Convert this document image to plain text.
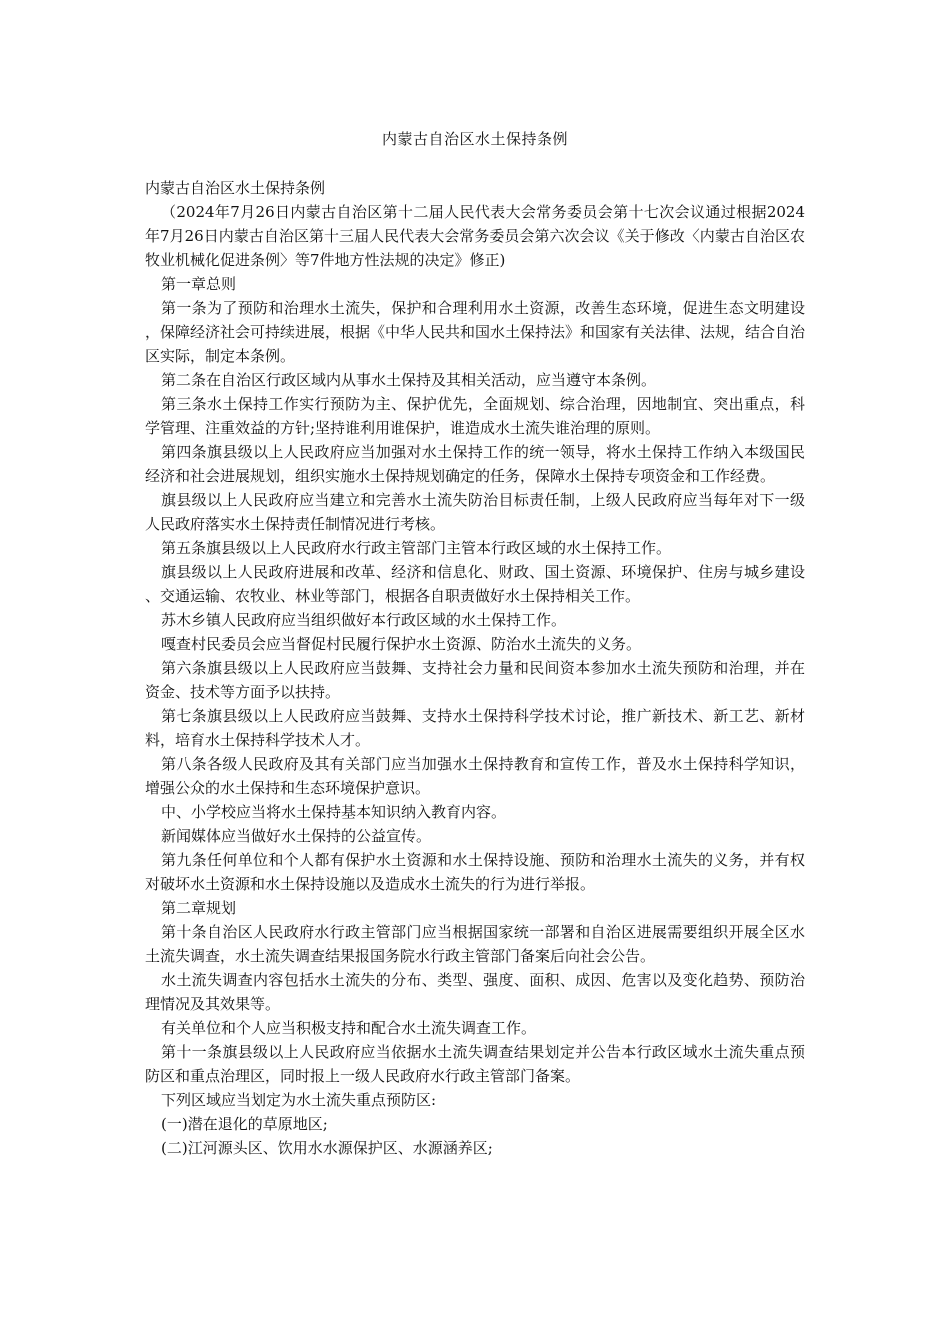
内蒙古自治区水土保持条例

内蒙古自治区水土保持条例

（2024年7月26日内蒙古自治区第十二届人民代表大会常务委员会第十七次会议通过根据2024年7月26日内蒙古自治区第十三届人民代表大会常务委员会第六次会议《关于修改〈内蒙古自治区农牧业机械化促进条例〉等7件地方性法规的决定》修正)

第一章总则

第一条为了预防和治理水土流失，保护和合理利用水土资源，改善生态环境，促进生态文明建设，保障经济社会可持续进展，根据《中华人民共和国水土保持法》和国家有关法律、法规，结合自治区实际，制定本条例。

第二条在自治区行政区域内从事水土保持及其相关活动，应当遵守本条例。

第三条水土保持工作实行预防为主、保护优先，全面规划、综合治理，因地制宜、突出重点，科学管理、注重效益的方针;坚持谁利用谁保护，谁造成水土流失谁治理的原则。

第四条旗县级以上人民政府应当加强对水土保持工作的统一领导，将水土保持工作纳入本级国民经济和社会进展规划，组织实施水土保持规划确定的任务，保障水土保持专项资金和工作经费。

旗县级以上人民政府应当建立和完善水土流失防治目标责任制，上级人民政府应当每年对下一级人民政府落实水土保持责任制情况进行考核。

第五条旗县级以上人民政府水行政主管部门主管本行政区域的水土保持工作。

旗县级以上人民政府进展和改革、经济和信息化、财政、国土资源、环境保护、住房与城乡建设、交通运输、农牧业、林业等部门，根据各自职责做好水土保持相关工作。

苏木乡镇人民政府应当组织做好本行政区域的水土保持工作。

嘎查村民委员会应当督促村民履行保护水土资源、防治水土流失的义务。

第六条旗县级以上人民政府应当鼓舞、支持社会力量和民间资本参加水土流失预防和治理，并在资金、技术等方面予以扶持。

第七条旗县级以上人民政府应当鼓舞、支持水土保持科学技术讨论，推广新技术、新工艺、新材料，培育水土保持科学技术人才。

第八条各级人民政府及其有关部门应当加强水土保持教育和宣传工作，普及水土保持科学知识，增强公众的水土保持和生态环境保护意识。

中、小学校应当将水土保持基本知识纳入教育内容。

新闻媒体应当做好水土保持的公益宣传。

第九条任何单位和个人都有保护水土资源和水土保持设施、预防和治理水土流失的义务，并有权对破坏水土资源和水土保持设施以及造成水土流失的行为进行举报。

第二章规划

第十条自治区人民政府水行政主管部门应当根据国家统一部署和自治区进展需要组织开展全区水土流失调查，水土流失调查结果报国务院水行政主管部门备案后向社会公告。

水土流失调查内容包括水土流失的分布、类型、强度、面积、成因、危害以及变化趋势、预防治理情况及其效果等。

有关单位和个人应当积极支持和配合水土流失调查工作。

第十一条旗县级以上人民政府应当依据水土流失调查结果划定并公告本行政区域水土流失重点预防区和重点治理区，同时报上一级人民政府水行政主管部门备案。

下列区域应当划定为水土流失重点预防区:

(一)潜在退化的草原地区;

(二)江河源头区、饮用水水源保护区、水源涵养区;
